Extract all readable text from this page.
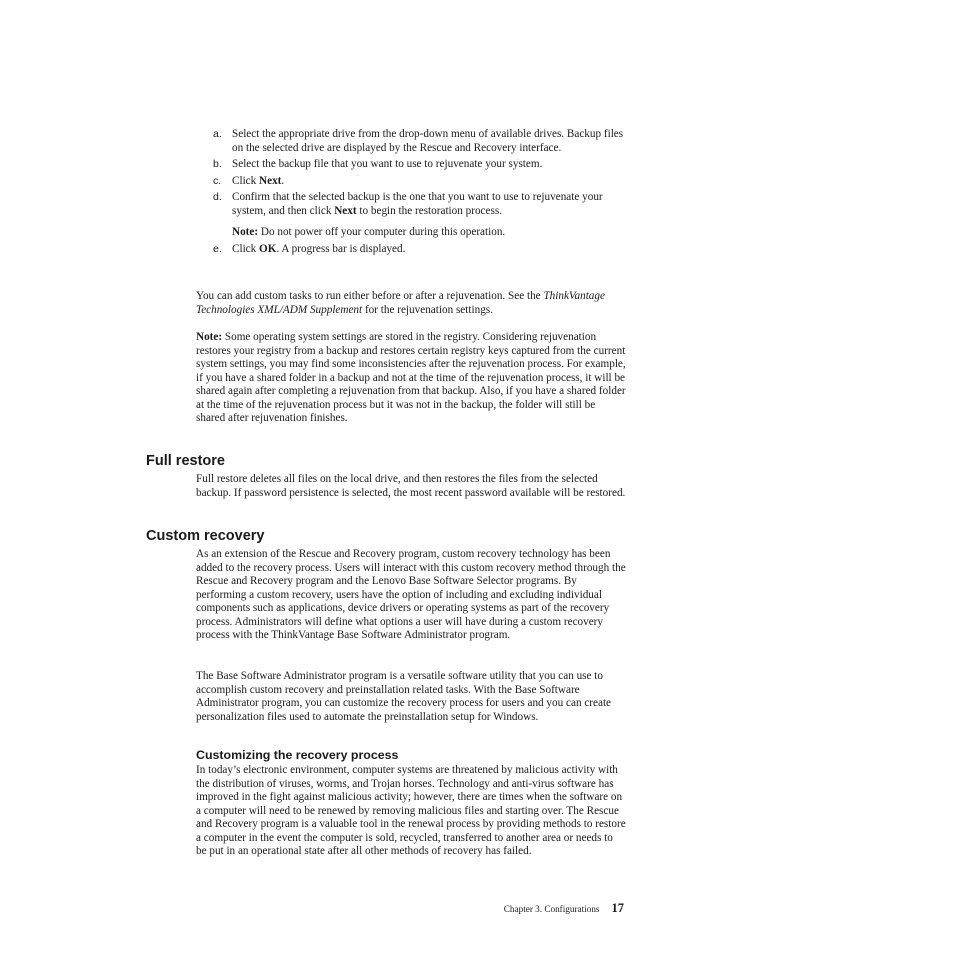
a. Select the appropriate drive from the drop-down menu of available drives. Backup files on the selected drive are displayed by the Rescue and Recovery interface.
b. Select the backup file that you want to use to rejuvenate your system.
c. Click Next.
d. Confirm that the selected backup is the one that you want to use to rejuvenate your system, and then click Next to begin the restoration process.
Note: Do not power off your computer during this operation.
e. Click OK. A progress bar is displayed.

You can add custom tasks to run either before or after a rejuvenation. See the ThinkVantage Technologies XML/ADM Supplement for the rejuvenation settings.

Note: Some operating system settings are stored in the registry. Considering rejuvenation restores your registry from a backup and restores certain registry keys captured from the current system settings, you may find some inconsistencies after the rejuvenation process. For example, if you have a shared folder in a backup and not at the time of the rejuvenation process, it will be shared again after completing a rejuvenation from that backup. Also, if you have a shared folder at the time of the rejuvenation process but it was not in the backup, the folder will still be shared after rejuvenation finishes.

Full restore

Full restore deletes all files on the local drive, and then restores the files from the selected backup. If password persistence is selected, the most recent password available will be restored.

Custom recovery

As an extension of the Rescue and Recovery program, custom recovery technology has been added to the recovery process. Users will interact with this custom recovery method through the Rescue and Recovery program and the Lenovo Base Software Selector programs. By performing a custom recovery, users have the option of including and excluding individual components such as applications, device drivers or operating systems as part of the recovery process. Administrators will define what options a user will have during a custom recovery process with the ThinkVantage Base Software Administrator program.

The Base Software Administrator program is a versatile software utility that you can use to accomplish custom recovery and preinstallation related tasks. With the Base Software Administrator program, you can customize the recovery process for users and you can create personalization files used to automate the preinstallation setup for Windows.

Customizing the recovery process

In today’s electronic environment, computer systems are threatened by malicious activity with the distribution of viruses, worms, and Trojan horses. Technology and anti-virus software has improved in the fight against malicious activity; however, there are times when the software on a computer will need to be renewed by removing malicious files and starting over. The Rescue and Recovery program is a valuable tool in the renewal process by providing methods to restore a computer in the event the computer is sold, recycled, transferred to another area or needs to be put in an operational state after all other methods of recovery has failed.

Chapter 3. Configurations 17
